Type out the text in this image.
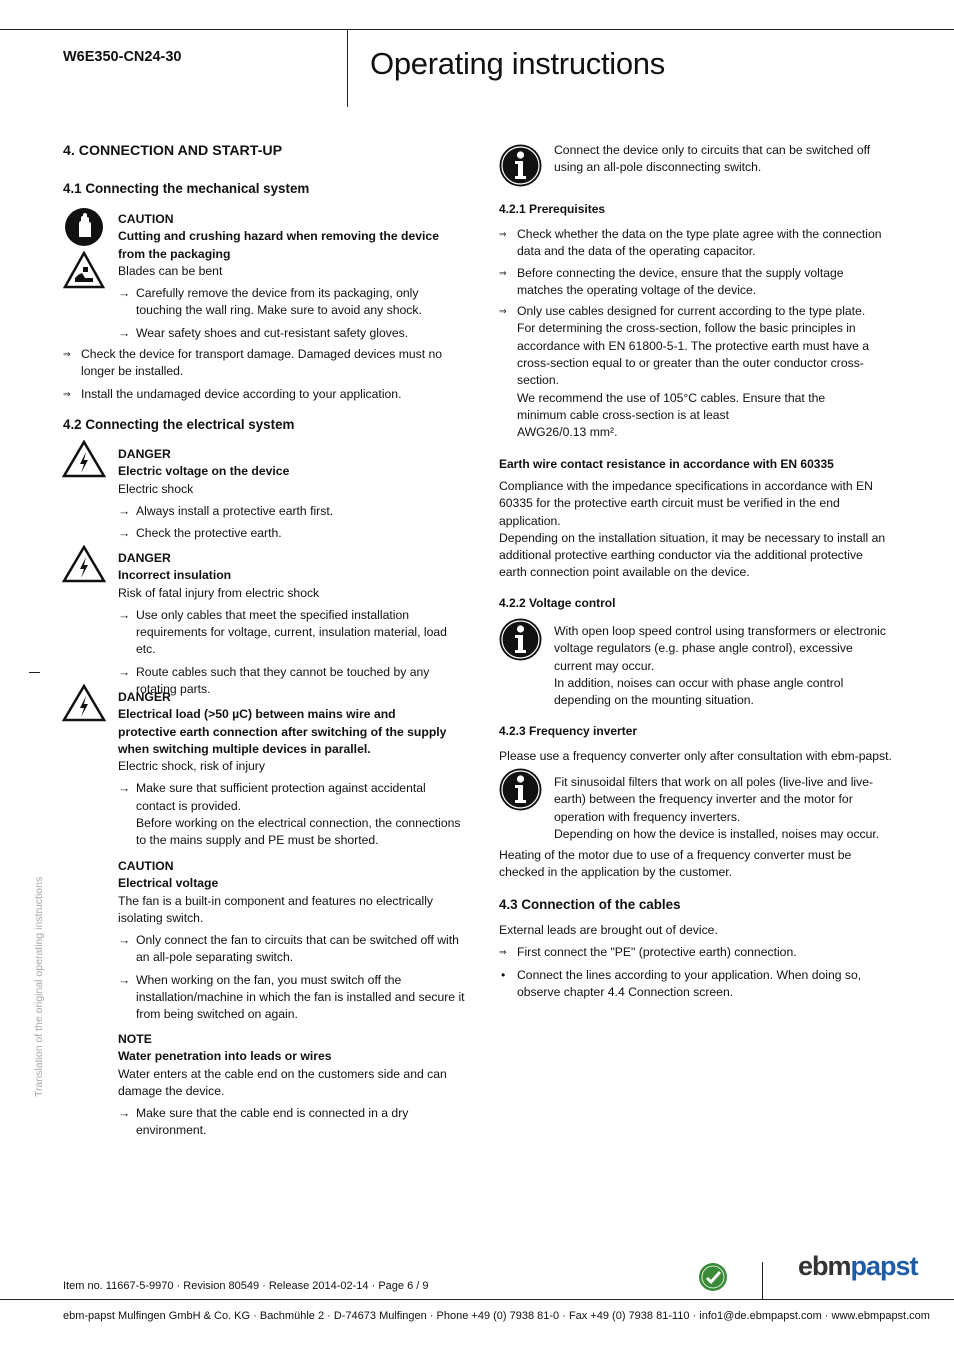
W6E350-CN24-30	Operating instructions
Translation of the original operating instructions
4. CONNECTION AND START-UP
4.1 Connecting the mechanical system
CAUTION
Cutting and crushing hazard when removing the device from the packaging
Blades can be bent
→ Carefully remove the device from its packaging, only touching the wall ring. Make sure to avoid any shock.
→ Wear safety shoes and cut-resistant safety gloves.
⇒ Check the device for transport damage. Damaged devices must no longer be installed.
⇒ Install the undamaged device according to your application.
4.2 Connecting the electrical system
DANGER
Electric voltage on the device
Electric shock
→ Always install a protective earth first.
→ Check the protective earth.
DANGER
Incorrect insulation
Risk of fatal injury from electric shock
→ Use only cables that meet the specified installation requirements for voltage, current, insulation material, load etc.
→ Route cables such that they cannot be touched by any rotating parts.
DANGER
Electrical load (>50 µC) between mains wire and protective earth connection after switching of the supply when switching multiple devices in parallel.
Electric shock, risk of injury
→ Make sure that sufficient protection against accidental contact is provided.
Before working on the electrical connection, the connections to the mains supply and PE must be shorted.
CAUTION
Electrical voltage
The fan is a built-in component and features no electrically isolating switch.
→ Only connect the fan to circuits that can be switched off with an all-pole separating switch.
→ When working on the fan, you must switch off the installation/machine in which the fan is installed and secure it from being switched on again.
NOTE
Water penetration into leads or wires
Water enters at the cable end on the customers side and can damage the device.
→ Make sure that the cable end is connected in a dry environment.
Connect the device only to circuits that can be switched off using an all-pole disconnecting switch.
4.2.1 Prerequisites
⇒ Check whether the data on the type plate agree with the connection data and the data of the operating capacitor.
⇒ Before connecting the device, ensure that the supply voltage matches the operating voltage of the device.
⇒ Only use cables designed for current according to the type plate.
For determining the cross-section, follow the basic principles in accordance with EN 61800-5-1. The protective earth must have a cross-section equal to or greater than the outer conductor cross-section.
We recommend the use of 105°C cables. Ensure that the minimum cable cross-section is at least
AWG26/0.13 mm².
Earth wire contact resistance in accordance with EN 60335
Compliance with the impedance specifications in accordance with EN 60335 for the protective earth circuit must be verified in the end application.
Depending on the installation situation, it may be necessary to install an additional protective earthing conductor via the additional protective earth connection point available on the device.
4.2.2 Voltage control
With open loop speed control using transformers or electronic voltage regulators (e.g. phase angle control), excessive current may occur.
In addition, noises can occur with phase angle control depending on the mounting situation.
4.2.3 Frequency inverter
Please use a frequency converter only after consultation with ebm-papst.
Fit sinusoidal filters that work on all poles (live-live and live-earth) between the frequency inverter and the motor for operation with frequency inverters.
Depending on how the device is installed, noises may occur.
Heating of the motor due to use of a frequency converter must be checked in the application by the customer.
4.3 Connection of the cables
External leads are brought out of device.
⇒ First connect the "PE" (protective earth) connection.
• Connect the lines according to your application. When doing so, observe chapter 4.4 Connection screen.
Item no. 11667-5-9970 · Revision 80549 · Release 2014-02-14 · Page 6 / 9
ebmpapst
ebm-papst Mulfingen GmbH & Co. KG · Bachmühle 2 · D-74673 Mulfingen · Phone +49 (0) 7938 81-0 · Fax +49 (0) 7938 81-110 · info1@de.ebmpapst.com · www.ebmpapst.com
